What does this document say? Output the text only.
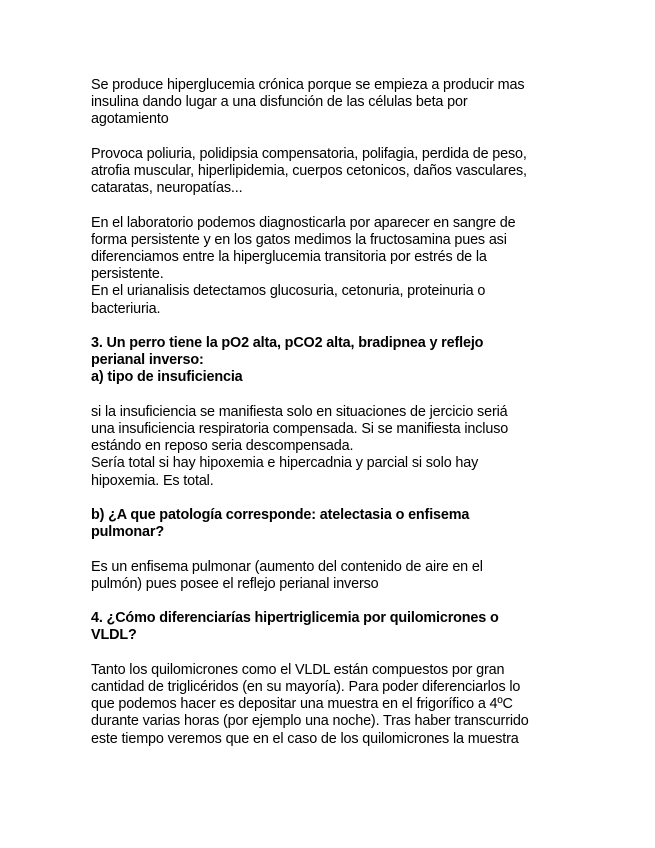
Se produce hiperglucemia crónica porque se empieza a producir mas
insulina dando lugar a una disfunción de las células beta por
agotamiento

Provoca poliuria, polidipsia compensatoria, polifagia, perdida de peso,
atrofia muscular, hiperlipidemia, cuerpos cetonicos, daños vasculares,
cataratas, neuropatías...

En el laboratorio podemos diagnosticarla por aparecer en sangre de
forma persistente y en los gatos medimos la fructosamina pues asi
diferenciamos entre la hiperglucemia transitoria por estrés de la
persistente.

En el urianalisis detectamos glucosuria, cetonuria, proteinuria o
bacteriuria.

3. Un perro tiene la pO2 alta, pCO2 alta, bradipnea y reflejo
perianal inverso:
a) tipo de insuficiencia

si la insuficiencia se manifiesta solo en situaciones de jercicio seriá
una insuficiencia respiratoria compensada. Si se manifiesta incluso
estándo en reposo seria descompensada.

Sería total si hay hipoxemia e hipercadnia y parcial si solo hay
hipoxemia. Es total.

b) ¿A que patología corresponde: atelectasia o enfisema
pulmonar?

Es un enfisema pulmonar (aumento del contenido de aire en el
pulmón) pues posee el reflejo perianal inverso

4. ¿Cómo diferenciarías hipertriglicemia por quilomicrones o
VLDL?

Tanto los quilomicrones como el VLDL están compuestos por gran
cantidad de triglicéridos (en su mayoría). Para poder diferenciarlos lo
que podemos hacer es depositar una muestra en el frigorífico a 4ºC
durante varias horas (por ejemplo una noche). Tras haber transcurrido
este tiempo veremos que en el caso de los quilomicrones la muestra
